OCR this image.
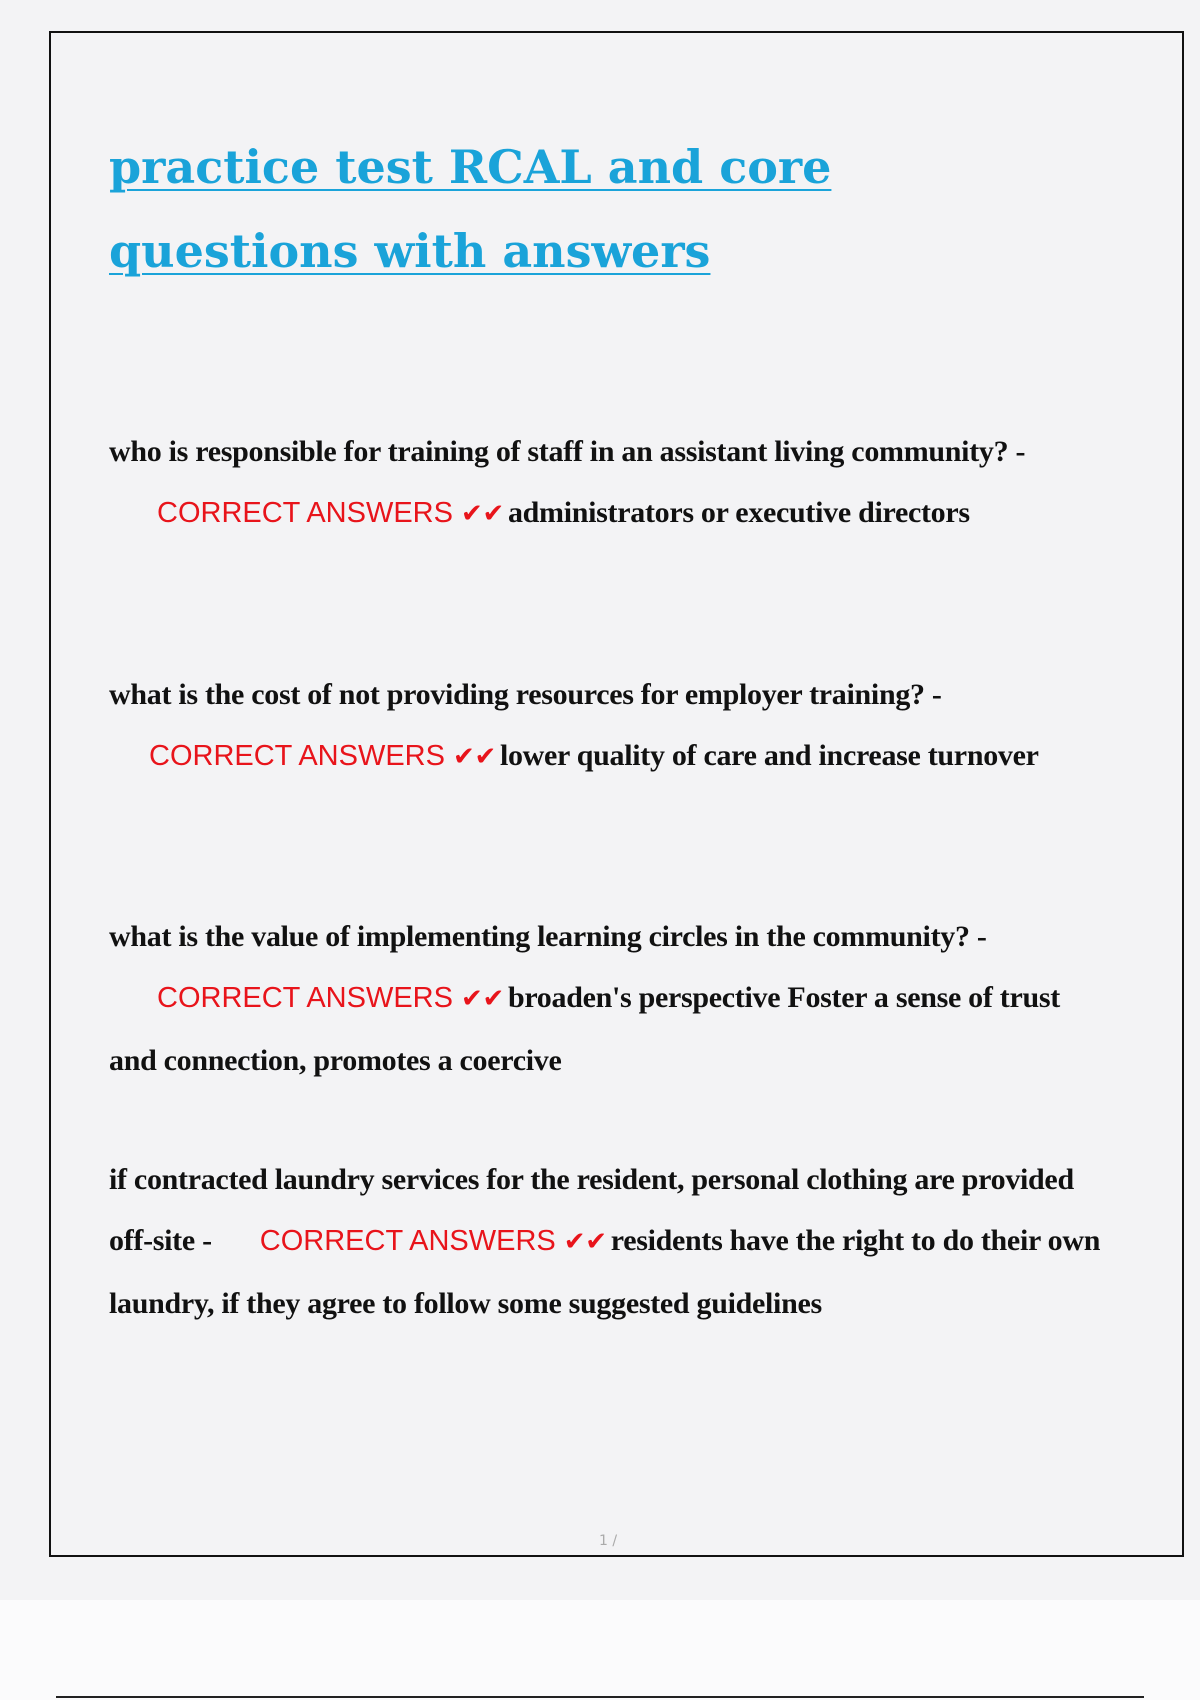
practice test RCAL and core questions with answers

who is responsible for training of staff in an assistant living community? -CORRECT ANSWERS ✔✔ administrators or executive directors

what is the cost of not providing resources for employer training? -
CORRECT ANSWERS ✔✔ lower quality of care and increase turnover

what is the value of implementing learning circles in the community? -CORRECT ANSWERS ✔✔ broaden's perspective Foster a sense of trust and connection, promotes a coercive

if contracted laundry services for the resident, personal clothing are provided off-site - CORRECT ANSWERS ✔✔ residents have the right to do their own laundry, if they agree to follow some suggested guidelines

1 /
